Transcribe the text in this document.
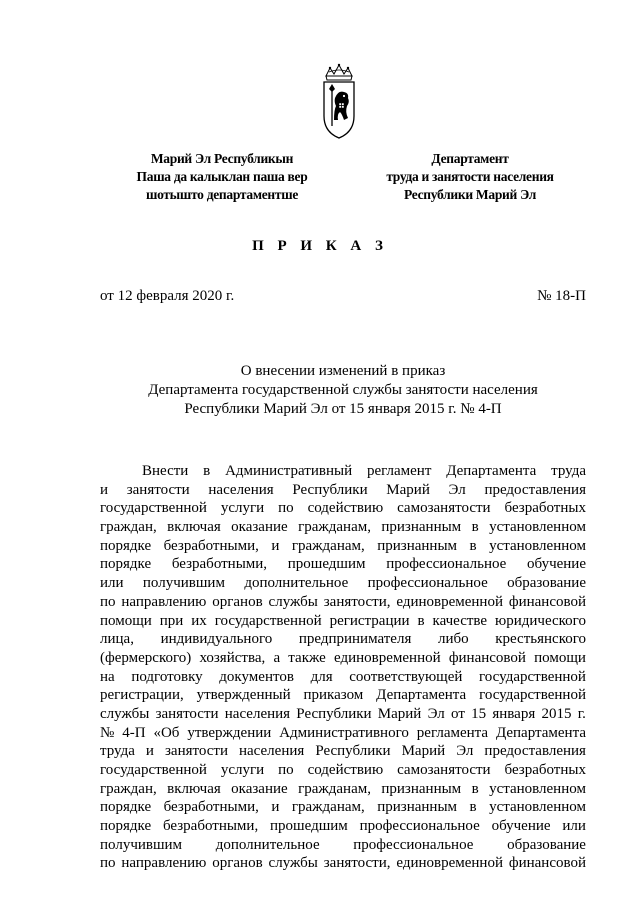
Марий Эл Республикын
Паша да калыклан паша вер
шотышто департаментше
Департамент
труда и занятости населения
Республики Марий Эл
П Р И К А З
от 12 февраля 2020 г.	№ 18-П
О внесении изменений в приказ
Департамента государственной службы занятости населения
Республики Марий Эл от 15 января 2015 г. № 4-П
Внести в Административный регламент Департамента труда
и занятости населения Республики Марий Эл предоставления
государственной услуги по содействию самозанятости безработных
граждан, включая оказание гражданам, признанным в установленном
порядке безработными, и гражданам, признанным в установленном
порядке безработными, прошедшим профессиональное обучение
или получившим дополнительное профессиональное образование
по направлению органов службы занятости, единовременной финансовой
помощи при их государственной регистрации в качестве юридического
лица, индивидуального предпринимателя либо крестьянского
(фермерского) хозяйства, а также единовременной финансовой помощи
на подготовку документов для соответствующей государственной
регистрации, утвержденный приказом Департамента государственной
службы занятости населения Республики Марий Эл от 15 января 2015 г.
№ 4-П «Об утверждении Административного регламента Департамента
труда и занятости населения Республики Марий Эл предоставления
государственной услуги по содействию самозанятости безработных
граждан, включая оказание гражданам, признанным в установленном
порядке безработными, и гражданам, признанным в установленном
порядке безработными, прошедшим профессиональное обучение или
получившим дополнительное профессиональное образование
по направлению органов службы занятости, единовременной финансовой
